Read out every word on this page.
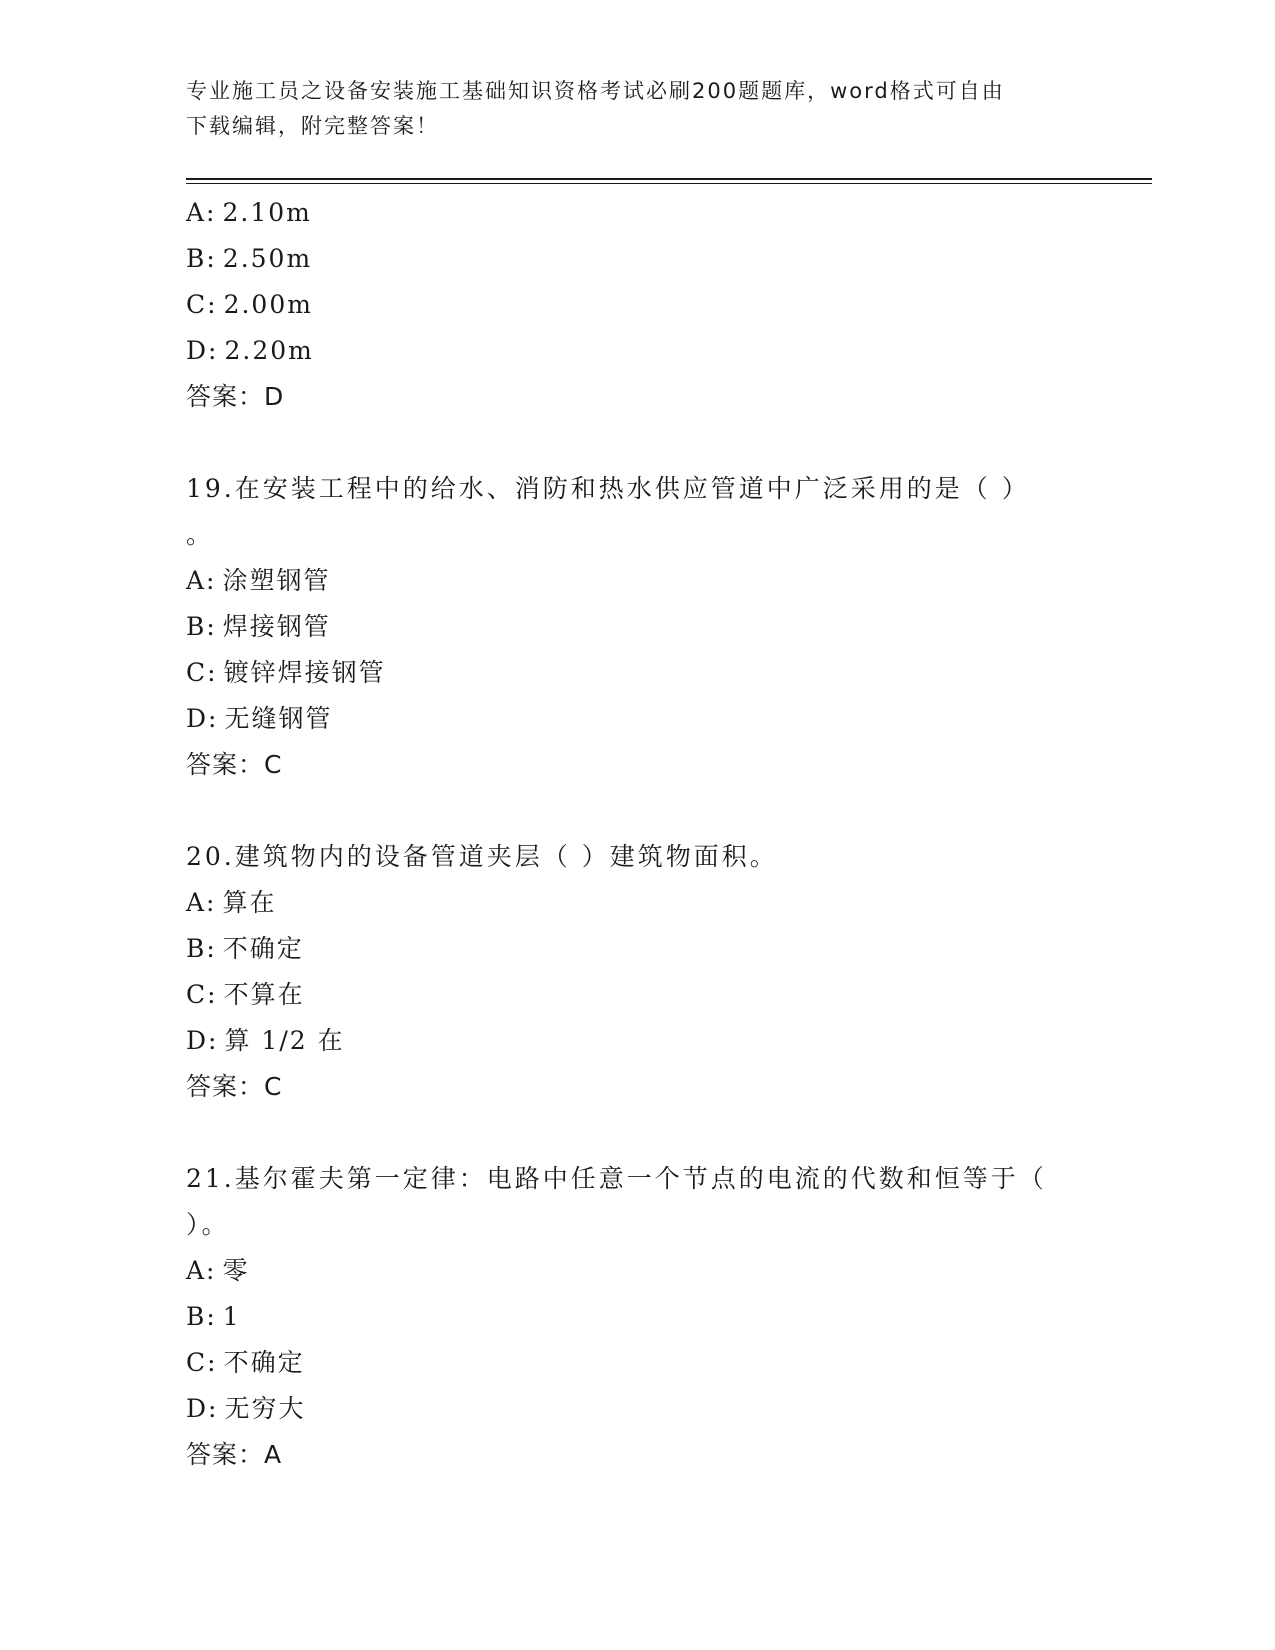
专业施工员之设备安装施工基础知识资格考试必刷200题题库，word格式可自由
下载编辑，附完整答案！
A: 2.10m
B: 2.50m
C: 2.00m
D: 2.20m
答案：D
19.在安装工程中的给水、消防和热水供应管道中广泛采用的是（ ）
。
A: 涂塑钢管
B: 焊接钢管
C: 镀锌焊接钢管
D: 无缝钢管
答案：C
20.建筑物内的设备管道夹层（ ）建筑物面积。
A: 算在
B: 不确定
C: 不算在
D: 算 1/2 在
答案：C
21.基尔霍夫第一定律：电路中任意一个节点的电流的代数和恒等于（
）。
A: 零
B: 1
C: 不确定
D: 无穷大
答案：A
